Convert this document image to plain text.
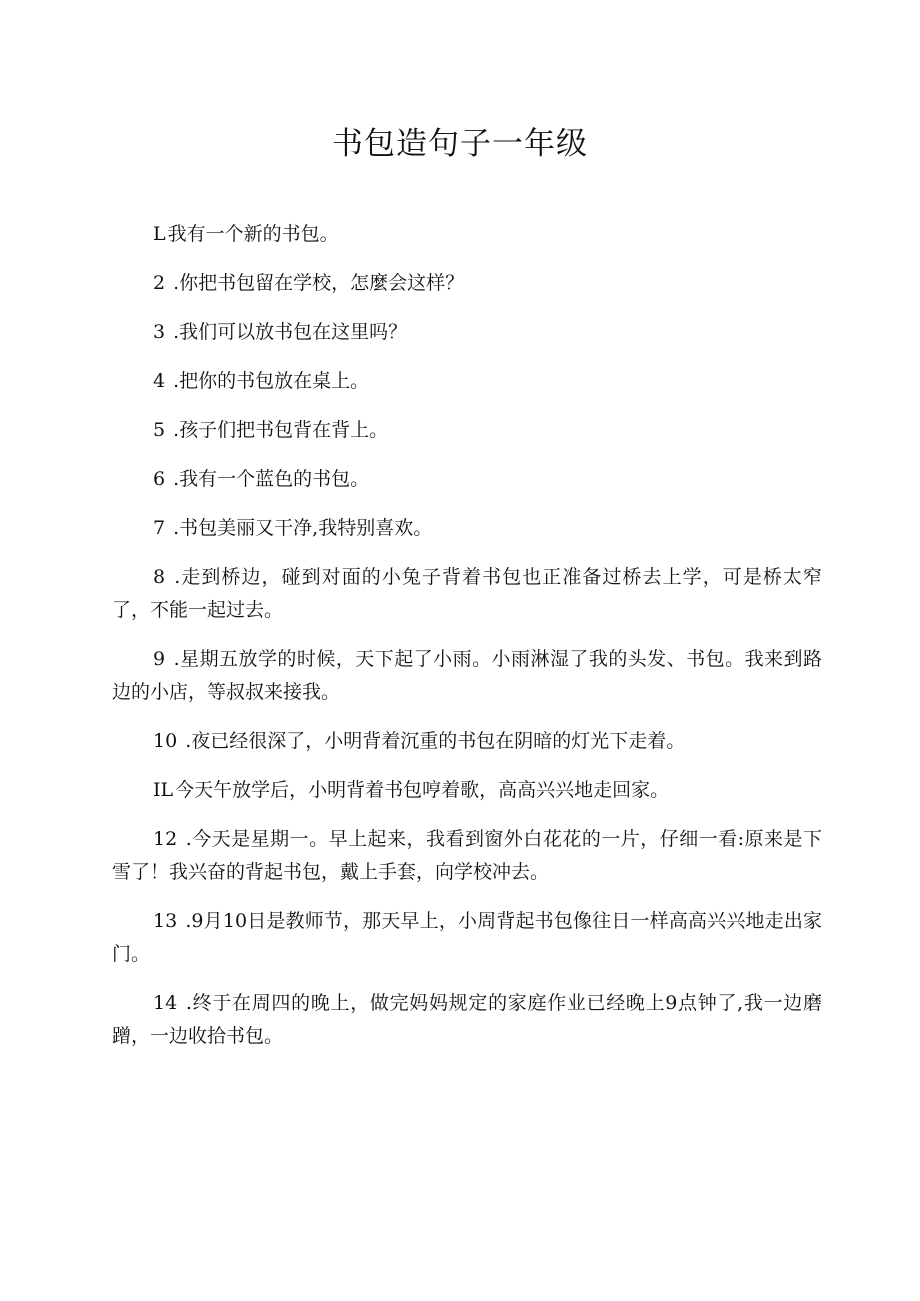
书包造句子一年级

L 我有一个新的书包。

2 .你把书包留在学校，怎麼会这样？

3 .我们可以放书包在这里吗？

4 .把你的书包放在桌上。

5 .孩子们把书包背在背上。

6 .我有一个蓝色的书包。

7 .书包美丽又干净,我特别喜欢。

8 .走到桥边，碰到对面的小兔子背着书包也正准备过桥去上学，可是桥太窄了，不能一起过去。

9 .星期五放学的时候，天下起了小雨。小雨淋湿了我的头发、书包。我来到路边的小店，等叔叔来接我。

10 .夜已经很深了，小明背着沉重的书包在阴暗的灯光下走着。

IL 今天午放学后，小明背着书包哼着歌，高高兴兴地走回家。

12 .今天是星期一。早上起来，我看到窗外白花花的一片，仔细一看:原来是下雪了！我兴奋的背起书包，戴上手套，向学校冲去。

13 .9月10日是教师节，那天早上，小周背起书包像往日一样高高兴兴地走出家门。

14 .终于在周四的晚上，做完妈妈规定的家庭作业已经晚上9点钟了,我一边磨蹭，一边收拾书包。
